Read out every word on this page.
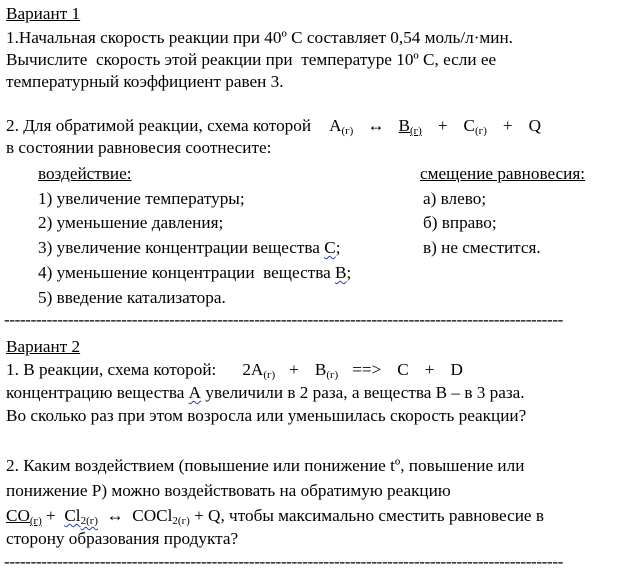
Вариант 1
1.Начальная скорость реакции при 40º С составляет 0,54 моль/л·мин.
Вычислите  скорость этой реакции при  температуре 10º С, если ее
температурный коэффициент равен 3.
2. Для обратимой реакции, схема которой $А_{(г)}$ ↔ $В_{(г)} + С_{(г)} + Q$
в состоянии равновесия соотнесите:
воздействие:	смещение равновесия:
1) увеличение температуры;
2) уменьшение давления;
3) увеличение концентрации вещества С;
4) уменьшение концентрации  вещества В;
5) введение катализатора.
а) влево;
б) вправо;
в) не сместится.
---------------------------------------------------------------------------------------------------------
Вариант 2
1. В реакции, схема которой: $2А_{(г)} + В_{(г)}$ ==> С + D
концентрацию вещества А увеличили в 2 раза, а вещества В – в 3 раза.
Во сколько раз при этом возросла или уменьшилась скорость реакции?
2. Каким воздействием (повышение или понижение tº, повышение или
понижение Р) можно воздействовать на обратимую реакцию
$CO_{(г)} + Cl_{2(г)}$  ↔  COCl$_{2(г)}$ + Q, чтобы максимально сместить равновесие в
сторону образования продукта?
---------------------------------------------------------------------------------------------------------
